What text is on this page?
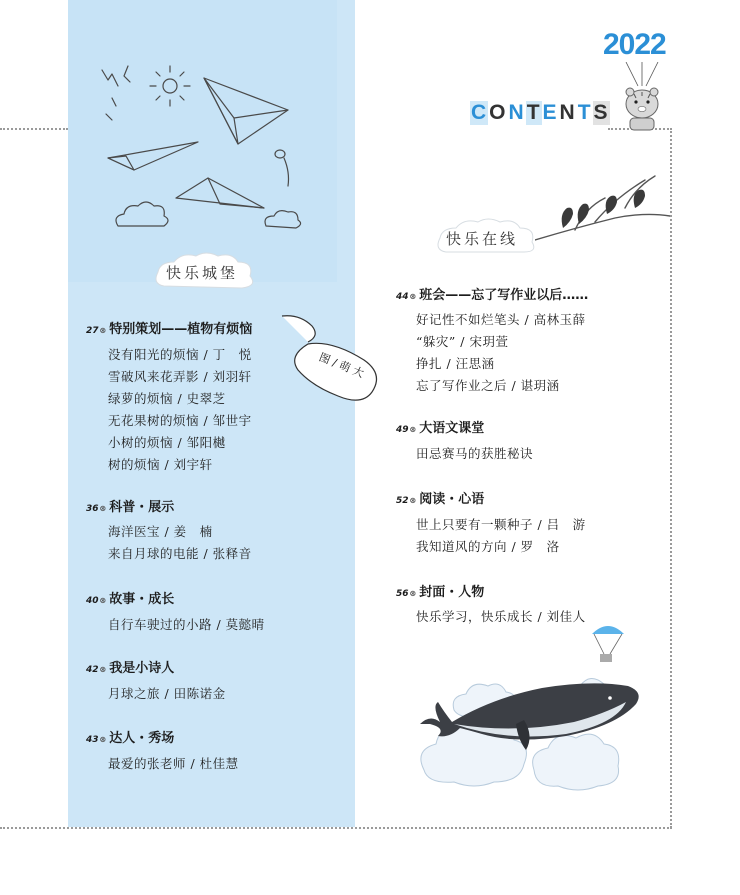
快乐城堡
27⊗ 特别策划——植物有烦恼
没有阳光的烦恼 / 丁　悦
雪破风来花弄影 / 刘羽轩
绿萝的烦恼 / 史翠芝
无花果树的烦恼 / 邹世宇
小树的烦恼 / 邹阳樾
树的烦恼 / 刘宇轩
36⊗ 科普・展示
海洋医宝 / 姜　楠
来自月球的电能 / 张释音
40⊗ 故事・成长
自行车驶过的小路 / 莫懿晴
42⊗ 我是小诗人
月球之旅 / 田陈诺金
43⊗ 达人・秀场
最爱的张老师 / 杜佳慧
图 / 萌 大
2022
CONTENTS
快乐在线
44⊗ 班会——忘了写作业以后……
好记性不如烂笔头 / 高林玉薛
“躲灾” / 宋玥萱
挣扎 / 汪思涵
忘了写作业之后 / 谌玥涵
49⊗ 大语文课堂
田忌赛马的获胜秘诀
52⊗ 阅读・心语
世上只要有一颗种子 / 吕　游
我知道风的方向 / 罗　洛
56⊗ 封面・人物
快乐学习，快乐成长 / 刘佳人
